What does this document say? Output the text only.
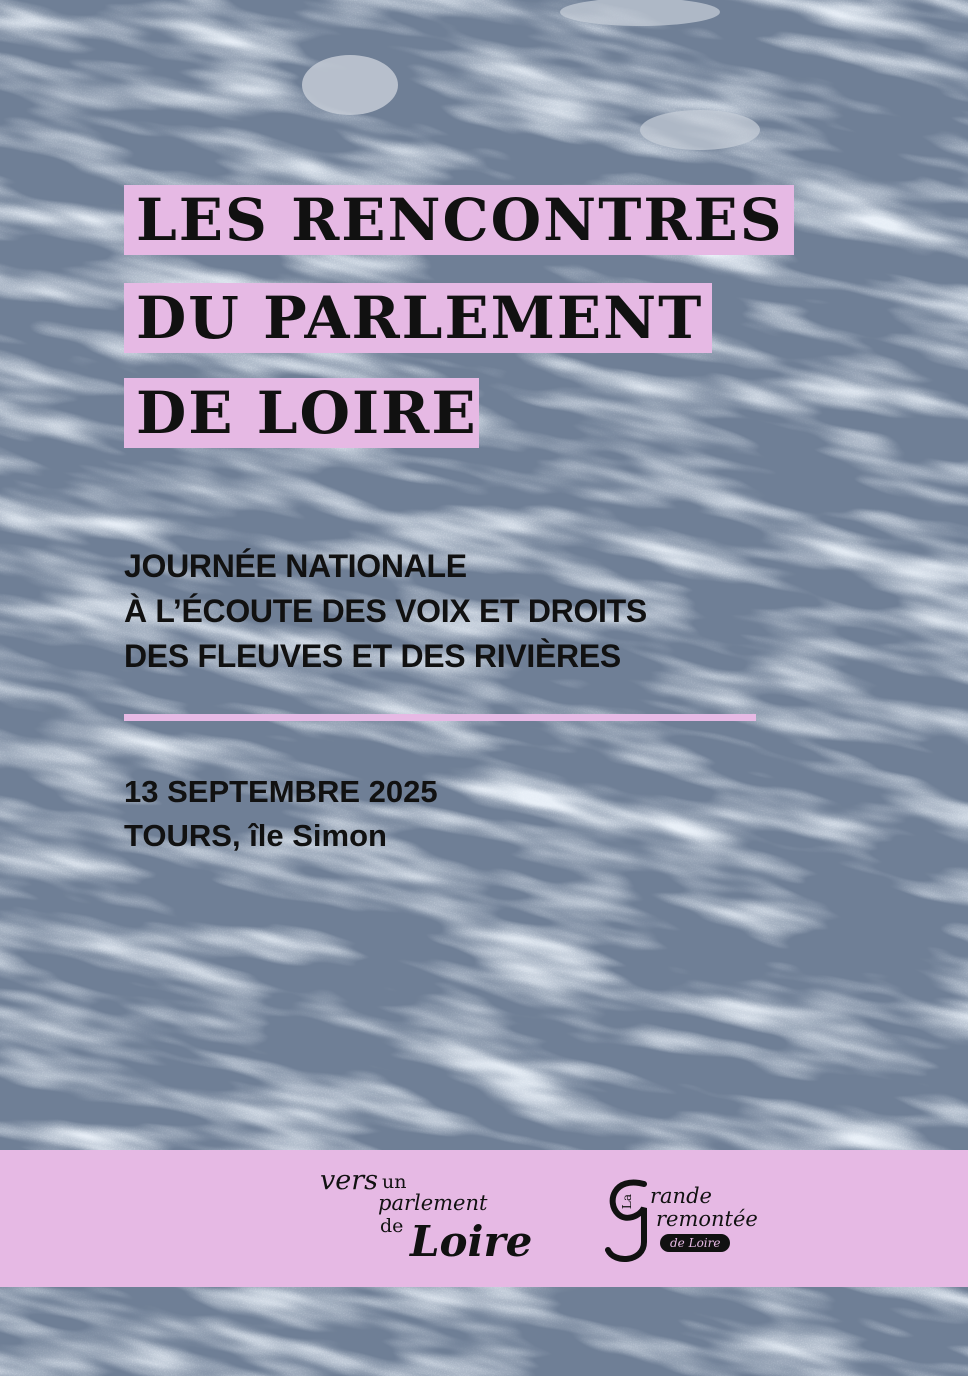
LES RENCONTRES
DU PARLEMENT
DE LOIRE
JOURNÉE NATIONALE
À L’ÉCOUTE DES VOIX ET DROITS
DES FLEUVES ET DES RIVIÈRES
13 SEPTEMBRE 2025
TOURS, île Simon
vers un
parlement
de Loire
La rande
remontée
de Loire
